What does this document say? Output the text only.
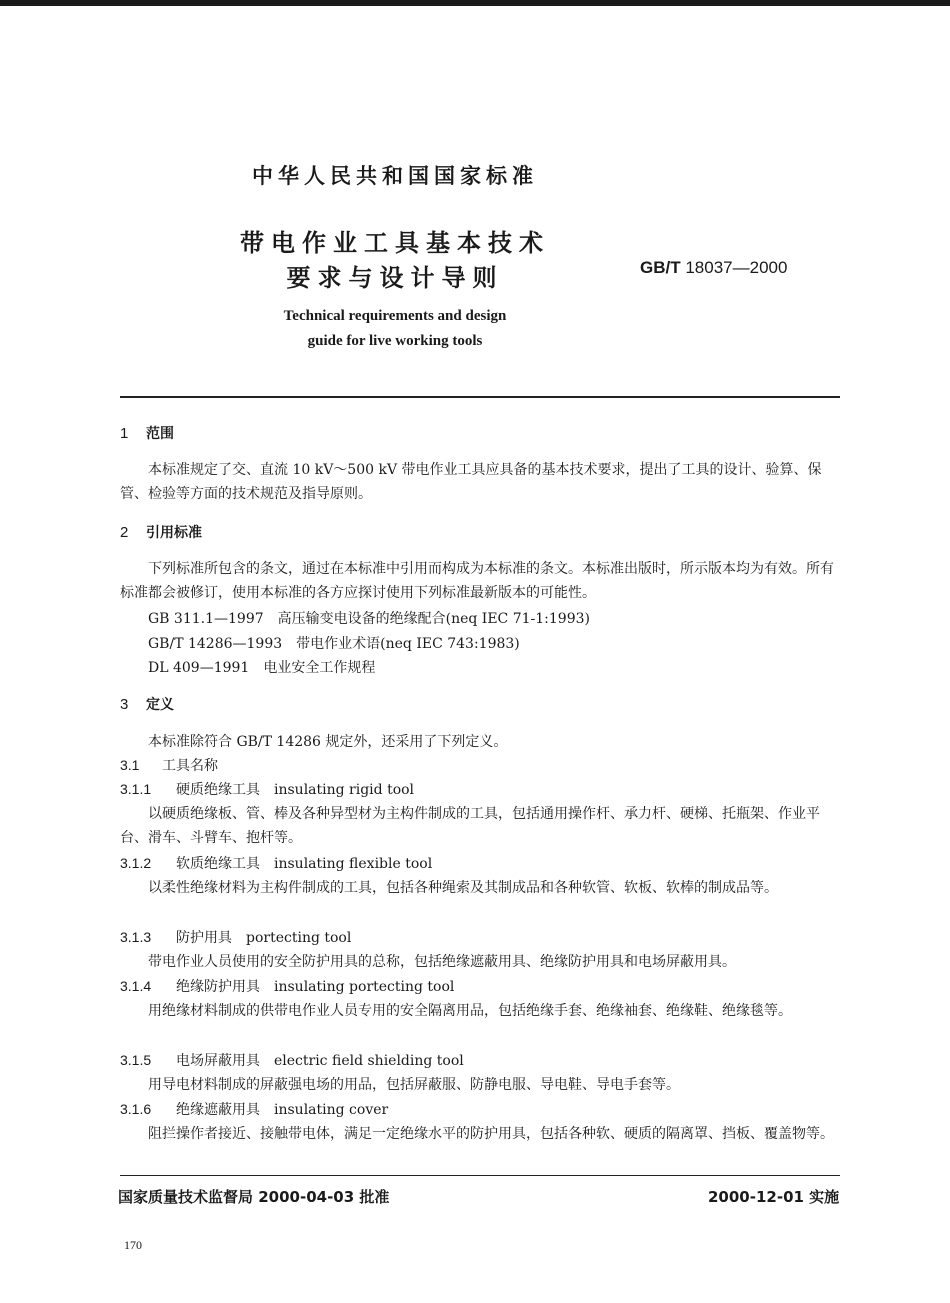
中华人民共和国国家标准
带电作业工具基本技术
要求与设计导则	GB/T 18037—2000
Technical requirements and design
guide for live working tools
1 范围
本标准规定了交、直流 10 kV～500 kV 带电作业工具应具备的基本技术要求，提出了工具的设计、验算、保管、检验等方面的技术规范及指导原则。
2 引用标准
下列标准所包含的条文，通过在本标准中引用而构成为本标准的条文。本标准出版时，所示版本均为有效。所有标准都会被修订，使用本标准的各方应探讨使用下列标准最新版本的可能性。
GB 311.1—1997　高压输变电设备的绝缘配合(neq IEC 71-1:1993)
GB/T 14286—1993　带电作业术语(neq IEC 743:1983)
DL 409—1991　电业安全工作规程
3 定义
本标准除符合 GB/T 14286 规定外，还采用了下列定义。
3.1 工具名称
3.1.1 硬质绝缘工具 insulating rigid tool
以硬质绝缘板、管、棒及各种异型材为主构件制成的工具，包括通用操作杆、承力杆、硬梯、托瓶架、作业平台、滑车、斗臂车、抱杆等。
3.1.2 软质绝缘工具 insulating flexible tool
以柔性绝缘材料为主构件制成的工具，包括各种绳索及其制成品和各种软管、软板、软棒的制成品等。
3.1.3 防护用具 portecting tool
带电作业人员使用的安全防护用具的总称，包括绝缘遮蔽用具、绝缘防护用具和电场屏蔽用具。
3.1.4 绝缘防护用具 insulating portecting tool
用绝缘材料制成的供带电作业人员专用的安全隔离用品，包括绝缘手套、绝缘袖套、绝缘鞋、绝缘毯等。
3.1.5 电场屏蔽用具 electric field shielding tool
用导电材料制成的屏蔽强电场的用品，包括屏蔽服、防静电服、导电鞋、导电手套等。
3.1.6 绝缘遮蔽用具 insulating cover
阻拦操作者接近、接触带电体，满足一定绝缘水平的防护用具，包括各种软、硬质的隔离罩、挡板、覆盖物等。
国家质量技术监督局 2000-04-03 批准	2000-12-01 实施
170
